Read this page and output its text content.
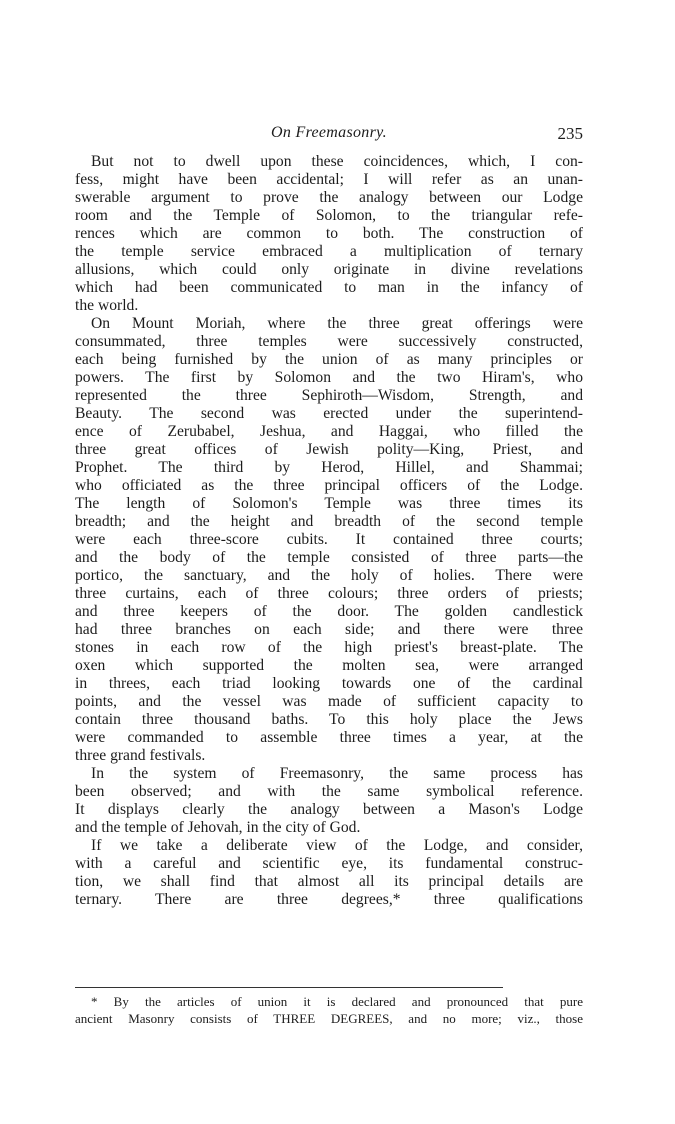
On Freemasonry.	235
But not to dwell upon these coincidences, which, I con-
fess, might have been accidental; I will refer as an unan-
swerable argument to prove the analogy between our Lodge
room and the Temple of Solomon, to the triangular refe-
rences which are common to both. The construction of
the temple service embraced a multiplication of ternary
allusions, which could only originate in divine revelations
which had been communicated to man in the infancy of
the world.
On Mount Moriah, where the three great offerings were
consummated, three temples were successively constructed,
each being furnished by the union of as many principles or
powers. The first by Solomon and the two Hiram's, who
represented the three Sephiroth—Wisdom, Strength, and
Beauty. The second was erected under the superintend-
ence of Zerubabel, Jeshua, and Haggai, who filled the
three great offices of Jewish polity—King, Priest, and
Prophet. The third by Herod, Hillel, and Shammai;
who officiated as the three principal officers of the Lodge.
The length of Solomon's Temple was three times its
breadth; and the height and breadth of the second temple
were each three-score cubits. It contained three courts;
and the body of the temple consisted of three parts—the
portico, the sanctuary, and the holy of holies. There were
three curtains, each of three colours; three orders of priests;
and three keepers of the door. The golden candlestick
had three branches on each side; and there were three
stones in each row of the high priest's breast-plate. The
oxen which supported the molten sea, were arranged
in threes, each triad looking towards one of the cardinal
points, and the vessel was made of sufficient capacity to
contain three thousand baths. To this holy place the Jews
were commanded to assemble three times a year, at the
three grand festivals.
In the system of Freemasonry, the same process has
been observed; and with the same symbolical reference.
It displays clearly the analogy between a Mason's Lodge
and the temple of Jehovah, in the city of God.
If we take a deliberate view of the Lodge, and consider,
with a careful and scientific eye, its fundamental construc-
tion, we shall find that almost all its principal details are
ternary. There are three degrees,* three qualifications
* By the articles of union it is declared and pronounced that pure
ancient Masonry consists of THREE DEGREES, and no more; viz., those
